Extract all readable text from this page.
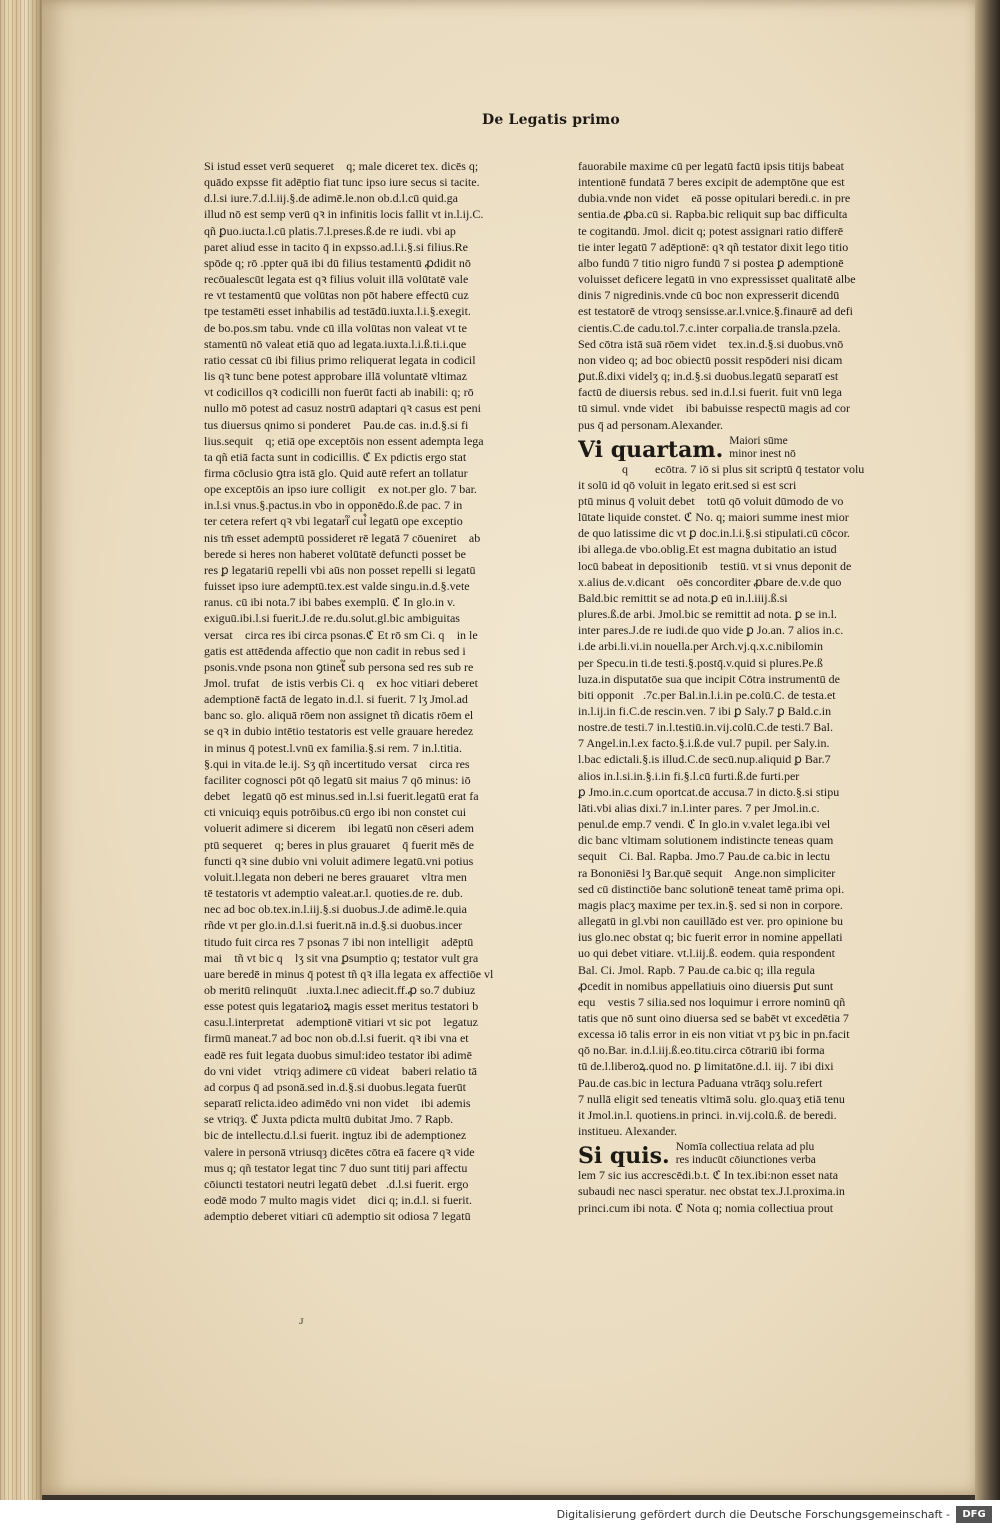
De Legatis primo
Si istud esset verū sequeret᷑ q; male diceret tex. dicēs q;
quādo expsse fit adēptio fiat tunc ipso iure secus si tacite.
d.l.si iure.7.d.l.iij.§.de adimē.le.non ob.d.l.cū quid.ga
illud nō est semp verū qꝛ in infinitis locis fallit vt in.l.ij.C.
qñ ꝑuo.iucta.l.cū platis.7.l.preses.ß.de re iudi. vbi ap
paret aliud esse in tacito q̄ in expsso.ad.l.i.§.si filius.Re
spōde q; rō .ppter quā ibi dū filius testamentū ꝓdidit nō
recōualescūt legata est qꝛ filius voluit illā volūtatē vale
re vt testamentū que volūtas non pōt habere effectū cuz
tpe testamēti esset inhabilis ad testādū.iuxta.l.i.§.exegit.
de bo.pos.sm tabu. vnde cū illa volūtas non valeat vt te
stamentū nō valeat etiā quo ad legata.iuxta.l.i.ß.ti.i.que
ratio cessat cū ibi filius primo reliquerat legata in codicil
lis qꝛ tunc bene potest approbare illā voluntatē vltimaz
vt codicillos qꝛ codicilli non fuerūt facti ab inabili: q; rō
nullo mō potest ad casuz nostrū adaptari qꝛ casus est peni
tus diuersus qnimo si ponderet᷑ Pau.de cas. in.d.§.si fi
lius.sequit᷑ q; etiā ope exceptōis non essent adempta lega
ta qñ etiā facta sunt in codicillis. ℭ Ex pdictis ergo stat
firma cōclusio ꝯtra istā glo. Quid autē refert an tollatur
ope exceptōis an ipso iure colligit᷑ ex not.per glo. 7 bar.
in.l.si vnus.§.pactus.in vbo in opponēdo.ß.de pac. 7 in
ter cetera refert qꝛ vbi legatari᷑ cui᷒ legatū ope exceptio
nis tm̄ esset ademptū possideret rē legatā 7 cōueniret᷑ ab
berede si heres non haberet volūtatē defuncti posset be
res ꝑ legatariū repelli vbi aūs non posset repelli si legatū
fuisset ipso iure ademptū.tex.est valde singu.in.d.§.vete
ranus. cū ibi nota.7 ibi babes exemplū. ℭ In glo.in v.
exiguū.ibi.l.si fuerit.J.de re.du.solut.gl.bic ambiguitas
versat᷑ circa res ibi circa psonas.ℭ Et rō sm Ci. qꝛ in le
gatis est attēdenda affectio que non cadit in rebus sed i
psonis.vnde psona non ꝯtinet᷑ sub persona sed res sub re
Jmol. trufat᷑ de istis verbis Ci. qꝛ ex hoc vitiari deberet
ademptionē factā de legato in.d.l. si fuerit. 7 lʒ Jmol.ad
banc so. glo. aliquā rōem non assignet tñ dicatis rōem el
se qꝛ in dubio intētio testatoris est velle grauare heredez
in minus q̄ potest.l.vnū ex familia.§.si rem. 7 in.l.titia.
§.qui in vita.de le.ij. Sʒ qñ incertitudo versat᷑ circa res
faciliter cognosci pōt qō legatū sit maius 7 qō minus: iō
debet᷑ legatū qō est minus.sed in.l.si fuerit.legatū erat fa
cti vnicuiqȝ equis potrōibus.cū ergo ibi non constet cui
voluerit adimere si diceremᷓ ibi legatū non cēseri adem
ptū sequeret᷑ q; beres in plus grauaret᷑ q̄ fuerit mēs de
functi qꝛ sine dubio vni voluit adimere legatū.vni potius
voluit.l.legata non deberi ne beres grauaret᷑ vltra men
tē testatoris vt ademptio valeat.ar.l. quoties.de re. dub.
nec ad boc ob.tex.in.l.iij.§.si duobus.J.de adimē.le.quia
rñde vt per glo.in.d.l.si fuerit.nā in.d.§.si duobus.incer
titudo fuit circa res 7 psonas 7 ibi non intelligit᷑ adēptū
mai᷒ tñ vt bic qꝛ lʒ sit vna ꝑsumptio q; testator vult gra
uare beredē in minus q̄ potest tñ qꝛ illa legata ex affectiōe vl
ob meritū relinquūt᷑.iuxta.l.nec adiecit.ff.ꝓ so.7 dubiuz
esse potest quis legatarioꝝ magis esset meritus testatori b
casu.l.interpretat᷑ ademptionē vitiari vt sic potᷓ legatuz
firmū maneat.7 ad boc non ob.d.l.si fuerit. qꝛ ibi vna et
eadē res fuit legata duobus simul:ideo testator ibi adimē
do vni videt᷑ vtriqȝ adimere cū videat᷑ baberi relatio tā
ad corpus q̄ ad psonā.sed in.d.§.si duobus.legata fuerūt
separatī relicta.ideo adimēdo vni non videt᷑ ibi ademis
se vtriqȝ. ℭ Juxta pdicta multū dubitat Jmo. 7 Rapb.
bic de intellectu.d.l.si fuerit. ingtuz ibi de ademptionez
valere in personā vtriusqȝ dicētes cōtra eā facere qꝛ vide
mus q; qñ testator legat tinc 7 duo sunt titij pari affectu
cōiuncti testatori neutri legatū debet᷑.d.l.si fuerit. ergo
eodē modo 7 multo magis videt᷑ dici q; in.d.l. si fuerit.
ademptio deberet vitiari cū ademptio sit odiosa 7 legatū
fauorabile maxime cū per legatū factū ipsis titijs babeat
intentionē fundatā 7 beres excipit de ademptōne que est
dubia.vnde non videt᷑ eā posse opitulari beredi.c. in pre
sentia.de ꝓba.cū si. Rapba.bic reliquit sup bac difficulta
te cogitandū. Jmol. dicit q; potest assignari ratio differē
tie inter legatū 7 adēptionē: qꝛ qñ testator dixit lego titio
albo fundū 7 titio nigro fundū 7 si postea ꝑ ademptionē
voluisset deficere legatū in vno expressisset qualitatē albe
dinis 7 nigredinis.vnde cū boc non expresserit dicendū
est testatorē de vtroqȝ sensisse.ar.l.vnice.§.finaurē ad defi
cientis.C.de cadu.tol.7.c.inter corpalia.de transla.pzela.
Sed cōtra istā suā rōem videt᷑ tex.in.d.§.si duobus.vnō
non video q; ad boc obiectū possit respōderi nisi dicamᷓ
ꝑut.ß.dixi videlʒ q; in.d.§.si duobus.legatū separatī est
factū de diuersis rebus. sed in.d.l.si fuerit. fuit vnū lega
tū simul. vnde videt᷑ ibi babuisse respectū magis ad cor
pus q̄ ad personam.Alexander.
Vi quartam. Maiori sūme
minor inest nō
q ecōtra. 7 iō si plus sit scriptū q̄ testator volu
it solū id qō voluit in legato erit.sed si est scri
ptū minus q̄ voluit debet᷑ totū qō voluit dūmodo de vo
lūtate liquide constet. ℭ No. q; maiori summe inest mior
de quo latissime dic vt ꝑ doc.in.l.i.§.si stipulati.cū cōcor.
ibi allega.de vbo.oblig.Et est magna dubitatio an istud
locū babeat in depositionibᷓ testiū. vt si vnus deponit de
x.alius de.v.dicant᷑ oēs concorditer ꝓbare de.v.de quo
Bald.bic remittit se ad nota.ꝑ eū in.l.iiij.ß.si
plures.ß.de arbi. Jmol.bic se remittit ad nota. ꝑ se in.l.
inter pares.J.de re iudi.de quo vide ꝑ Jo.an. 7 alios in.c.
i.de arbi.li.vi.in nouella.per Arch.vj.q.x.c.nibilominᷓ
per Specu.in ti.de testi.§.postq̄.v.quid si plures.Pe.ß
luza.in disputatōe sua que incipit Cōtra instrumentū de
biti opponit᷑.7c.per Bal.in.l.i.in pe.colū.C. de testa.et
in.l.ij.in fi.C.de rescin.ven. 7 ibi ꝑ Saly.7 ꝑ Bald.c.in
nostre.de testi.7 in.l.testiū.in.vij.colū.C.de testi.7 Bal.
7 Angel.in.l.ex facto.§.i.ß.de vul.7 pupil. per Saly.in.
l.bac edictali.§.is illud.C.de secū.nup.aliquid ꝑ Bar.7
alios in.l.si.in.§.i.in fi.§.l.cū furti.ß.de furti.per
ꝑ Jmo.in.c.cum oportcat.de accusa.7 in dicto.§.si stipu
lāti.vbi alias dixi.7 in.l.inter pares. 7 per Jmol.in.c.
penul.de emp.7 vendi. ℭ In glo.in v.valet lega.ibi vel
dic banc vltimam solutionem indistincte teneas quam
sequit᷑ Ci. Bal. Rapba. Jmo.7 Pau.de ca.bic in lectu
ra Bononiēsi lʒ Bar.quē sequit᷑ Ange.non simpliciter
sed cū distinctiōe banc solutionē teneat tamē prima opi.
magis placʒ maxime per tex.in.§. sed si non in corpore.
allegatū in gl.vbi non cauillādo est ver. pro opinione bu
ius glo.nec obstat q; bic fuerit error in nomine appellati
uo qui debet vitiare. vt.l.iij.ß. eodem. quia respondent
Bal. Ci. Jmol. Rapb. 7 Pau.de ca.bic q; illa regula
ꝓcedit in nomibus appellatiuis oino diuersis ꝑut sunt
equᷓ vestis 7 silia.sed nos loquimur i errore nominū qñ
tatis que nō sunt oino diuersa sed se babēt vt excedētia 7
excessa iō talis error in eis non vitiat vt pʒ bic in pn.facit
qō no.Bar. in.d.l.iij.ß.eo.titu.circa cōtrariū ibi forma
tū de.l.liberoꝝ.quod no. ꝑ limitatōne.d.l. iij. 7 ibi dixi
Pau.de cas.bic in lectura Paduana vtrāqȝ solu.refert
7 nullā eligit sed teneatis vltimā solu. glo.quaʒ etiā tenu
it Jmol.in.l. quotiens.in princi. in.vij.colū.ß. de beredi.
institueu. Alexander.
Si quis. Nomīa collectiua relata ad plu
res inducūt cōiunctiones verba
lem 7 sic ius accrescēdi.b.t. ℭ In tex.ibi:non esset nata
subaudi nec nasci speratur. nec obstat tex.J.l.proxima.in
princi.cum ibi nota. ℭ Nota q; nomia collectiua prout
ᴊ
Digitalisierung gefördert durch die Deutsche Forschungsgemeinschaft -	DFG
